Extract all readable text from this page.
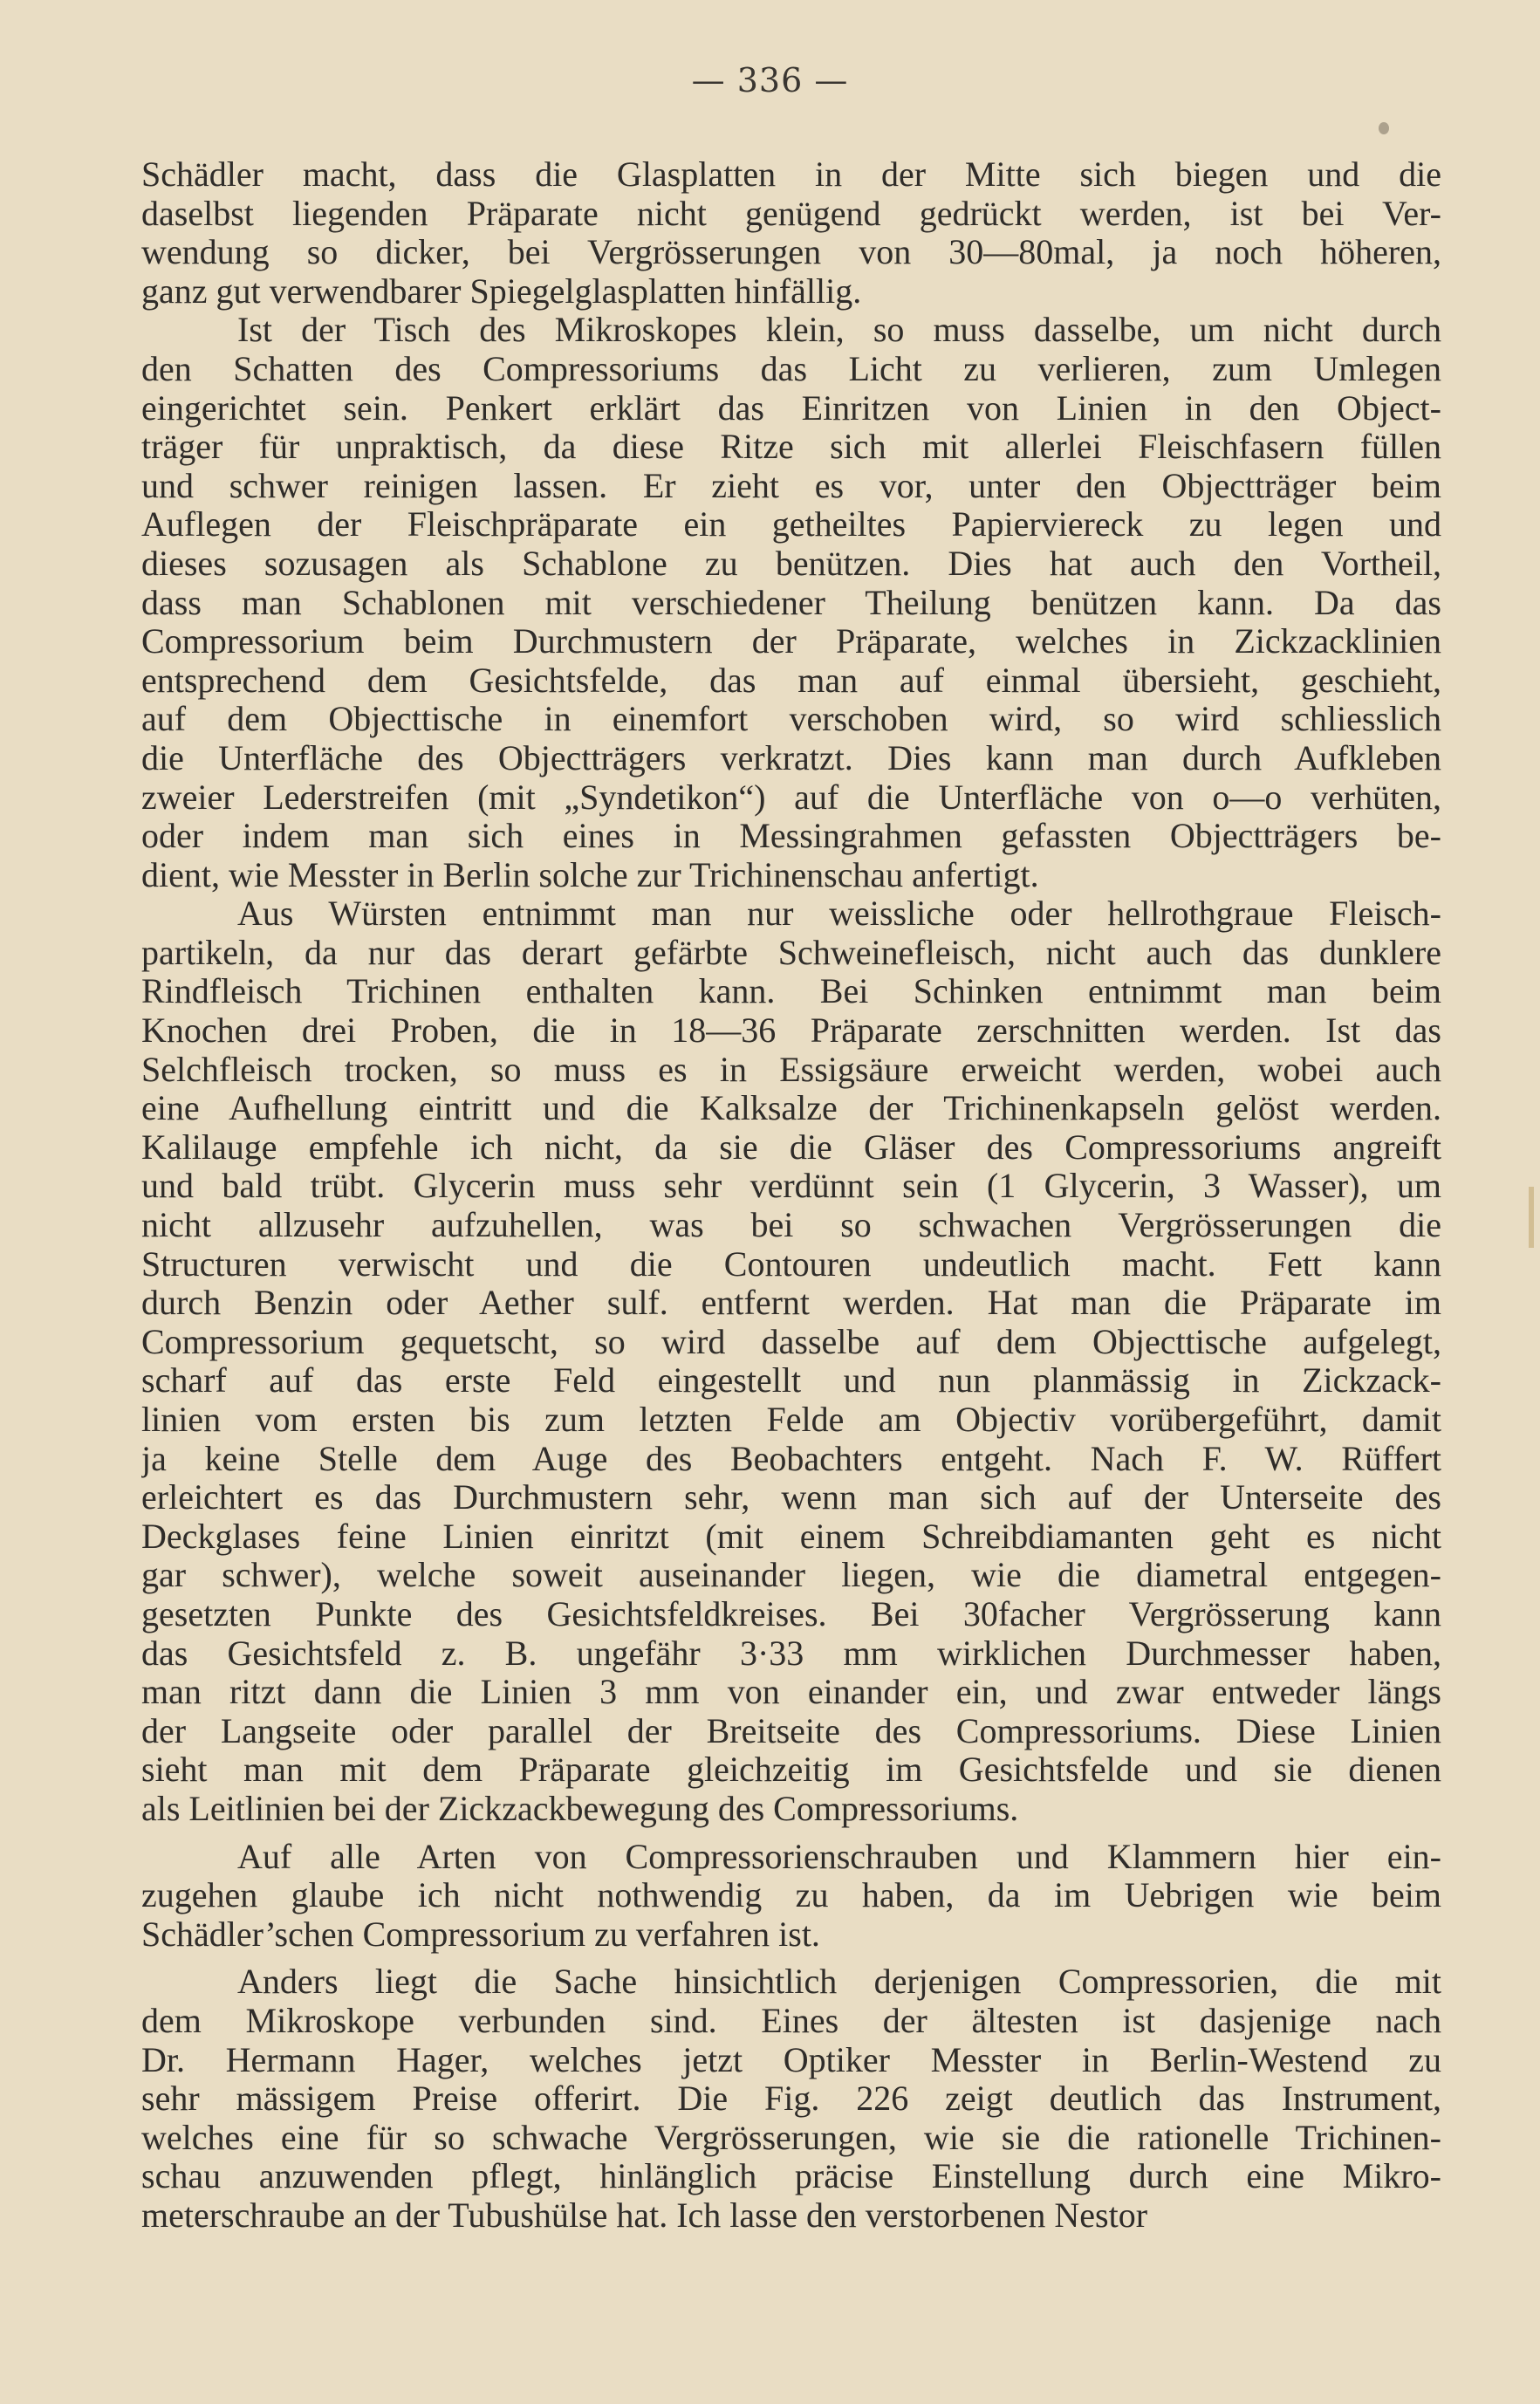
— 336 —
Schädler macht, dass die Glasplatten in der Mitte sich biegen und die
daselbst liegenden Präparate nicht genügend gedrückt werden, ist bei Ver-
wendung so dicker, bei Vergrösserungen von 30—80mal, ja noch höheren,
ganz gut verwendbarer Spiegelglasplatten hinfällig.
Ist der Tisch des Mikroskopes klein, so muss dasselbe, um nicht durch
den Schatten des Compressoriums das Licht zu verlieren, zum Umlegen
eingerichtet sein. Penkert erklärt das Einritzen von Linien in den Object-
träger für unpraktisch, da diese Ritze sich mit allerlei Fleischfasern füllen
und schwer reinigen lassen. Er zieht es vor, unter den Objectträger beim
Auflegen der Fleischpräparate ein getheiltes Papierviereck zu legen und
dieses sozusagen als Schablone zu benützen. Dies hat auch den Vortheil,
dass man Schablonen mit verschiedener Theilung benützen kann. Da das
Compressorium beim Durchmustern der Präparate, welches in Zickzacklinien
entsprechend dem Gesichtsfelde, das man auf einmal übersieht, geschieht,
auf dem Objecttische in einemfort verschoben wird, so wird schliesslich
die Unterfläche des Objectträgers verkratzt. Dies kann man durch Aufkleben
zweier Lederstreifen (mit „Syndetikon“) auf die Unterfläche von o—o verhüten,
oder indem man sich eines in Messingrahmen gefassten Objectträgers be-
dient, wie Messter in Berlin solche zur Trichinenschau anfertigt.
Aus Würsten entnimmt man nur weissliche oder hellrothgraue Fleisch-
partikeln, da nur das derart gefärbte Schweinefleisch, nicht auch das dunklere
Rindfleisch Trichinen enthalten kann. Bei Schinken entnimmt man beim
Knochen drei Proben, die in 18—36 Präparate zerschnitten werden. Ist das
Selchfleisch trocken, so muss es in Essigsäure erweicht werden, wobei auch
eine Aufhellung eintritt und die Kalksalze der Trichinenkapseln gelöst werden.
Kalilauge empfehle ich nicht, da sie die Gläser des Compressoriums angreift
und bald trübt. Glycerin muss sehr verdünnt sein (1 Glycerin, 3 Wasser), um
nicht allzusehr aufzuhellen, was bei so schwachen Vergrösserungen die
Structuren verwischt und die Contouren undeutlich macht. Fett kann
durch Benzin oder Aether sulf. entfernt werden. Hat man die Präparate im
Compressorium gequetscht, so wird dasselbe auf dem Objecttische aufgelegt,
scharf auf das erste Feld eingestellt und nun planmässig in Zickzack-
linien vom ersten bis zum letzten Felde am Objectiv vorübergeführt, damit
ja keine Stelle dem Auge des Beobachters entgeht. Nach F. W. Rüffert
erleichtert es das Durchmustern sehr, wenn man sich auf der Unterseite des
Deckglases feine Linien einritzt (mit einem Schreibdiamanten geht es nicht
gar schwer), welche soweit auseinander liegen, wie die diametral entgegen-
gesetzten Punkte des Gesichtsfeldkreises. Bei 30facher Vergrösserung kann
das Gesichtsfeld z. B. ungefähr 3·33 mm wirklichen Durchmesser haben,
man ritzt dann die Linien 3 mm von einander ein, und zwar entweder längs
der Langseite oder parallel der Breitseite des Compressoriums. Diese Linien
sieht man mit dem Präparate gleichzeitig im Gesichtsfelde und sie dienen
als Leitlinien bei der Zickzackbewegung des Compressoriums.
Auf alle Arten von Compressorienschrauben und Klammern hier ein-
zugehen glaube ich nicht nothwendig zu haben, da im Uebrigen wie beim
Schädler’schen Compressorium zu verfahren ist.
Anders liegt die Sache hinsichtlich derjenigen Compressorien, die mit
dem Mikroskope verbunden sind. Eines der ältesten ist dasjenige nach
Dr. Hermann Hager, welches jetzt Optiker Messter in Berlin-Westend zu
sehr mässigem Preise offerirt. Die Fig. 226 zeigt deutlich das Instrument,
welches eine für so schwache Vergrösserungen, wie sie die rationelle Trichinen-
schau anzuwenden pflegt, hinlänglich präcise Einstellung durch eine Mikro-
meterschraube an der Tubushülse hat. Ich lasse den verstorbenen Nestor
